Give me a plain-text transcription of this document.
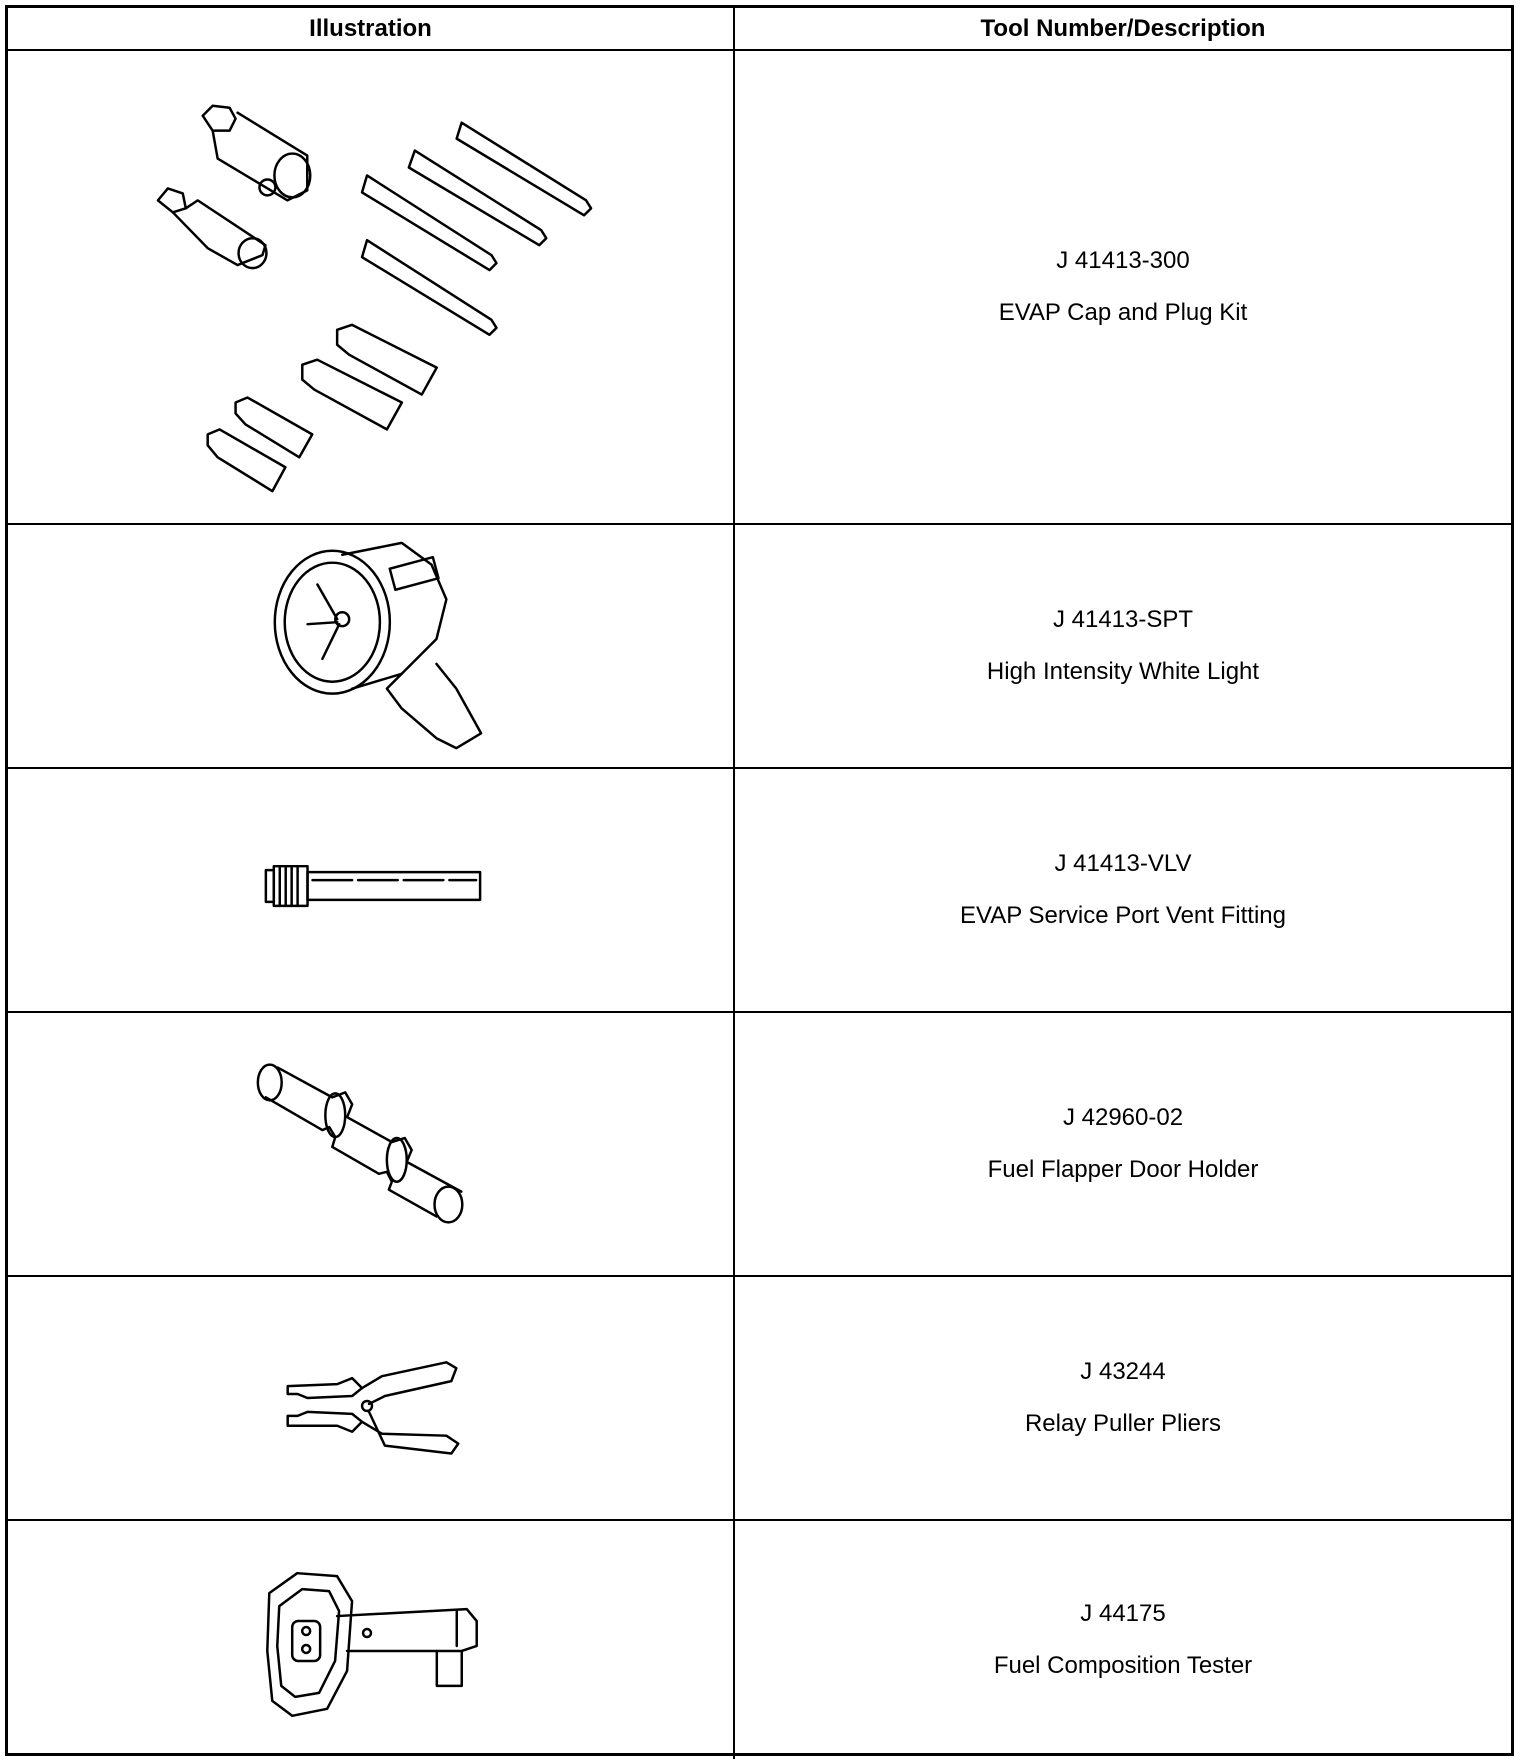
Illustration	Tool Number/Description
J 41413-300
EVAP Cap and Plug Kit
J 41413-SPT
High Intensity White Light
J 41413-VLV
EVAP Service Port Vent Fitting
J 42960-02
Fuel Flapper Door Holder
J 43244
Relay Puller Pliers
J 44175
Fuel Composition Tester
